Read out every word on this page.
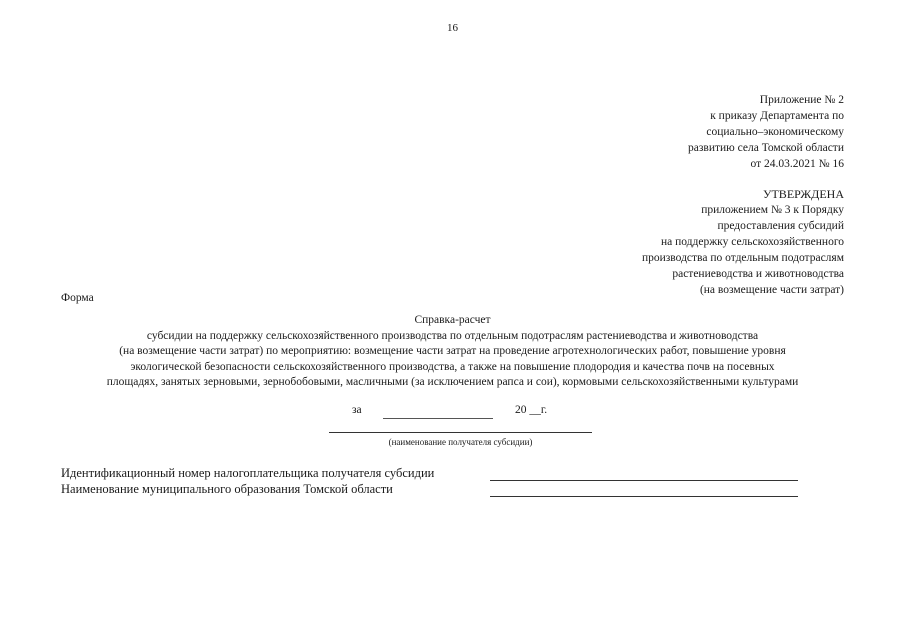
16
Приложение № 2
к приказу Департамента по
социально–экономическому
развитию села Томской области
от 24.03.2021 № 16
УТВЕРЖДЕНА
приложением № 3 к Порядку
предоставления субсидий
на поддержку сельскохозяйственного
производства по отдельным подотраслям
растениеводства и животноводства
(на возмещение части затрат)
Форма
Справка-расчет
субсидии на поддержку сельскохозяйственного производства по отдельным подотраслям растениеводства и животноводства
(на возмещение части затрат) по мероприятию: возмещение части затрат на проведение агротехнологических работ, повышение уровня
экологической безопасности сельскохозяйственного производства, а также на повышение плодородия и качества почв на посевных
площадях, занятых зерновыми, зернобобовыми, масличными (за исключением рапса и сои), кормовыми сельскохозяйственными культурами
за	20 __г.
(наименование получателя субсидии)
Идентификационный номер налогоплательщика получателя субсидии
Наименование муниципального образования Томской области
